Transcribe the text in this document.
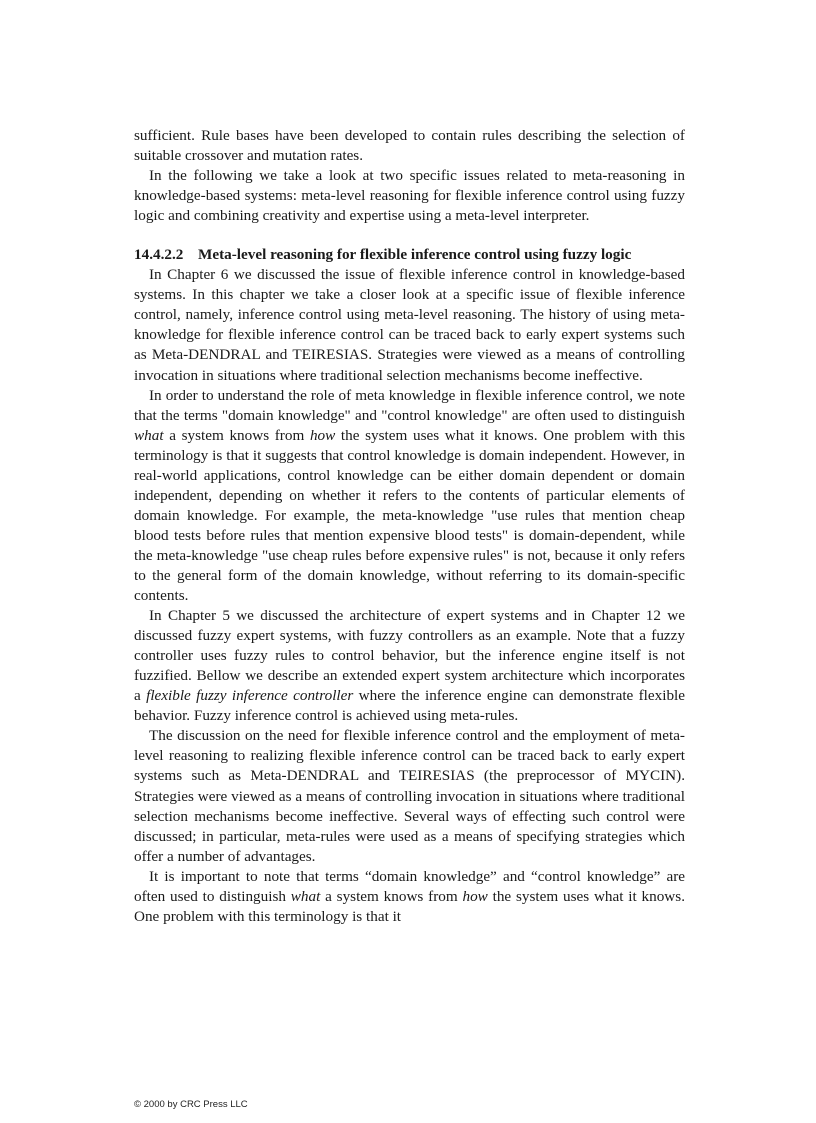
sufficient. Rule bases have been developed to contain rules describing the selection of suitable crossover and mutation rates.

In the following we take a look at two specific issues related to meta-reasoning in knowledge-based systems: meta-level reasoning for flexible inference control using fuzzy logic and combining creativity and expertise using a meta-level interpreter.

14.4.2.2 Meta-level reasoning for flexible inference control using fuzzy logic

In Chapter 6 we discussed the issue of flexible inference control in knowledge-based systems. In this chapter we take a closer look at a specific issue of flexible inference control, namely, inference control using meta-level reasoning. The history of using meta-knowledge for flexible inference control can be traced back to early expert systems such as Meta-DENDRAL and TEIRESIAS. Strategies were viewed as a means of controlling invocation in situations where traditional selection mechanisms become ineffective.

In order to understand the role of meta knowledge in flexible inference control, we note that the terms "domain knowledge" and "control knowledge" are often used to distinguish what a system knows from how the system uses what it knows. One problem with this terminology is that it suggests that control knowledge is domain independent. However, in real-world applications, control knowledge can be either domain dependent or domain independent, depending on whether it refers to the contents of particular elements of domain knowledge. For example, the meta-knowledge "use rules that mention cheap blood tests before rules that mention expensive blood tests" is domain-dependent, while the meta-knowledge "use cheap rules before expensive rules" is not, because it only refers to the general form of the domain knowledge, without referring to its domain-specific contents.

In Chapter 5 we discussed the architecture of expert systems and in Chapter 12 we discussed fuzzy expert systems, with fuzzy controllers as an example. Note that a fuzzy controller uses fuzzy rules to control behavior, but the inference engine itself is not fuzzified. Bellow we describe an extended expert system architecture which incorporates a flexible fuzzy inference controller where the inference engine can demonstrate flexible behavior. Fuzzy inference control is achieved using meta-rules.

The discussion on the need for flexible inference control and the employment of meta-level reasoning to realizing flexible inference control can be traced back to early expert systems such as Meta-DENDRAL and TEIRESIAS (the preprocessor of MYCIN). Strategies were viewed as a means of controlling invocation in situations where traditional selection mechanisms become ineffective. Several ways of effecting such control were discussed; in particular, meta-rules were used as a means of specifying strategies which offer a number of advantages.

It is important to note that terms “domain knowledge” and “control knowledge” are often used to distinguish what a system knows from how the system uses what it knows. One problem with this terminology is that it

© 2000 by CRC Press LLC
